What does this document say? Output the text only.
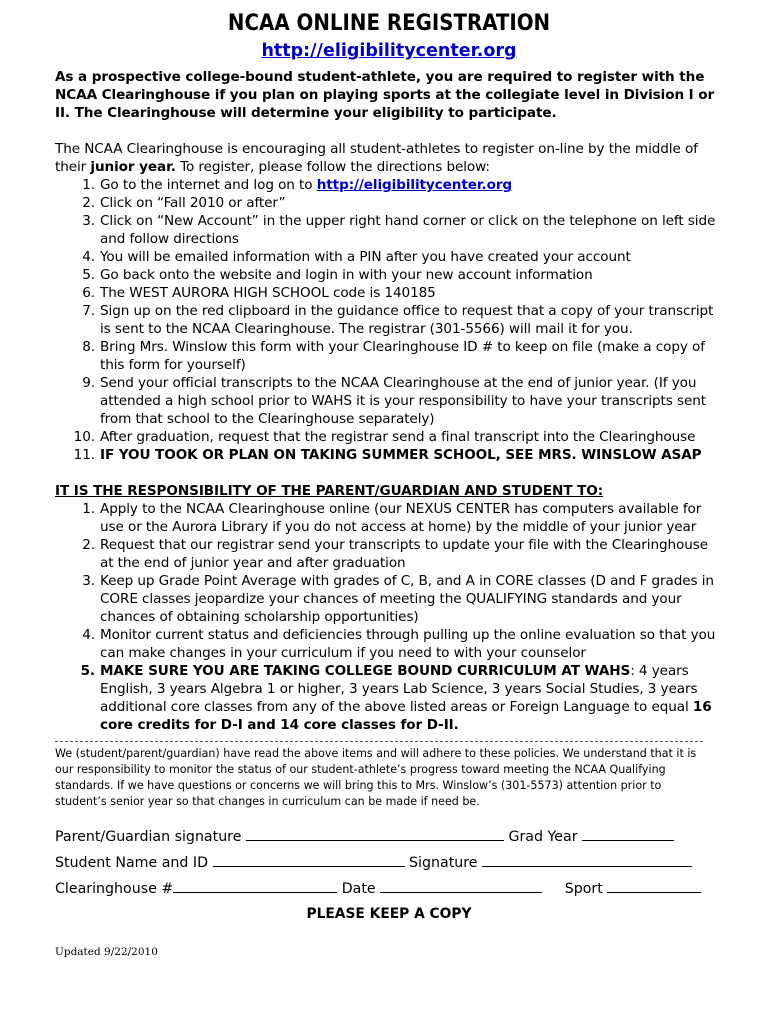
NCAA ONLINE REGISTRATION
http://eligibilitycenter.org

As a prospective college-bound student-athlete, you are required to register with the NCAA Clearinghouse if you plan on playing sports at the collegiate level in Division I or II. The Clearinghouse will determine your eligibility to participate.

The NCAA Clearinghouse is encouraging all student-athletes to register on-line by the middle of their junior year. To register, please follow the directions below:

1. Go to the internet and log on to http://eligibilitycenter.org
2. Click on “Fall 2010 or after”
3. Click on “New Account” in the upper right hand corner or click on the telephone on left side and follow directions
4. You will be emailed information with a PIN after you have created your account
5. Go back onto the website and login in with your new account information
6. The WEST AURORA HIGH SCHOOL code is 140185
7. Sign up on the red clipboard in the guidance office to request that a copy of your transcript is sent to the NCAA Clearinghouse. The registrar (301-5566) will mail it for you.
8. Bring Mrs. Winslow this form with your Clearinghouse ID # to keep on file (make a copy of this form for yourself)
9. Send your official transcripts to the NCAA Clearinghouse at the end of junior year. (If you attended a high school prior to WAHS it is your responsibility to have your transcripts sent from that school to the Clearinghouse separately)
10. After graduation, request that the registrar send a final transcript into the Clearinghouse
11. IF YOU TOOK OR PLAN ON TAKING SUMMER SCHOOL, SEE MRS. WINSLOW ASAP
IT IS THE RESPONSIBILITY OF THE PARENT/GUARDIAN AND STUDENT TO:
1. Apply to the NCAA Clearinghouse online (our NEXUS CENTER has computers available for use or the Aurora Library if you do not access at home) by the middle of your junior year
2. Request that our registrar send your transcripts to update your file with the Clearinghouse at the end of junior year and after graduation
3. Keep up Grade Point Average with grades of C, B, and A in CORE classes (D and F grades in CORE classes jeopardize your chances of meeting the QUALIFYING standards and your chances of obtaining scholarship opportunities)
4. Monitor current status and deficiencies through pulling up the online evaluation so that you can make changes in your curriculum if you need to with your counselor
5. MAKE SURE YOU ARE TAKING COLLEGE BOUND CURRICULUM AT WAHS: 4 years English, 3 years Algebra 1 or higher, 3 years Lab Science, 3 years Social Studies, 3 years additional core classes from any of the above listed areas or Foreign Language to equal 16 core credits for D-I and 14 core classes for D-II.
We (student/parent/guardian) have read the above items and will adhere to these policies. We understand that it is our responsibility to monitor the status of our student-athlete’s progress toward meeting the NCAA Qualifying standards. If we have questions or concerns we will bring this to Mrs. Winslow’s (301-5573) attention prior to student’s senior year so that changes in curriculum can be made if need be.
Parent/Guardian signature	Grad Year
Student Name and ID	Signature
Clearinghouse #	Date	Sport
PLEASE KEEP A COPY
Updated 9/22/2010
